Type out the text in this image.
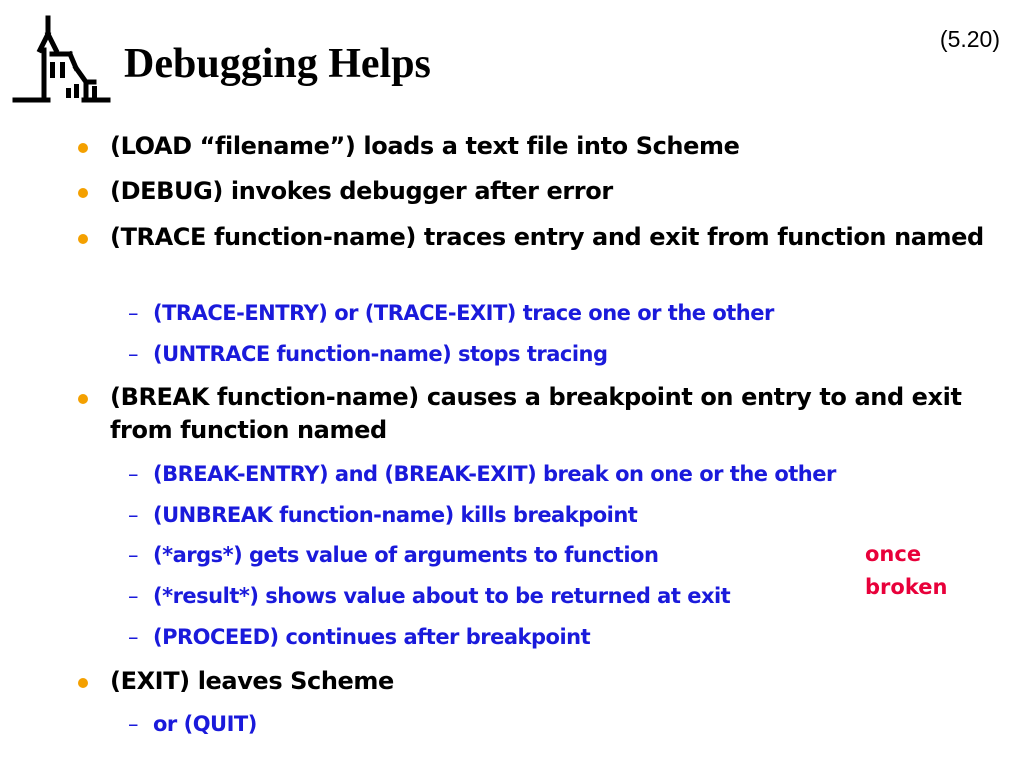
Debugging Helps
(5.20)
(LOAD “filename”) loads a text file into Scheme
(DEBUG) invokes debugger after error
(TRACE function-name) traces entry and exit from function named
– (TRACE-ENTRY) or (TRACE-EXIT) trace one or the other
– (UNTRACE function-name) stops tracing
(BREAK function-name) causes a breakpoint on entry to and exit from function named
– (BREAK-ENTRY) and (BREAK-EXIT) break on one or the other
– (UNBREAK function-name) kills breakpoint
– (*args*) gets value of arguments to function
– (*result*) shows value about to be returned at exit
– (PROCEED) continues after breakpoint
(EXIT) leaves Scheme
– or (QUIT)
once
broken
